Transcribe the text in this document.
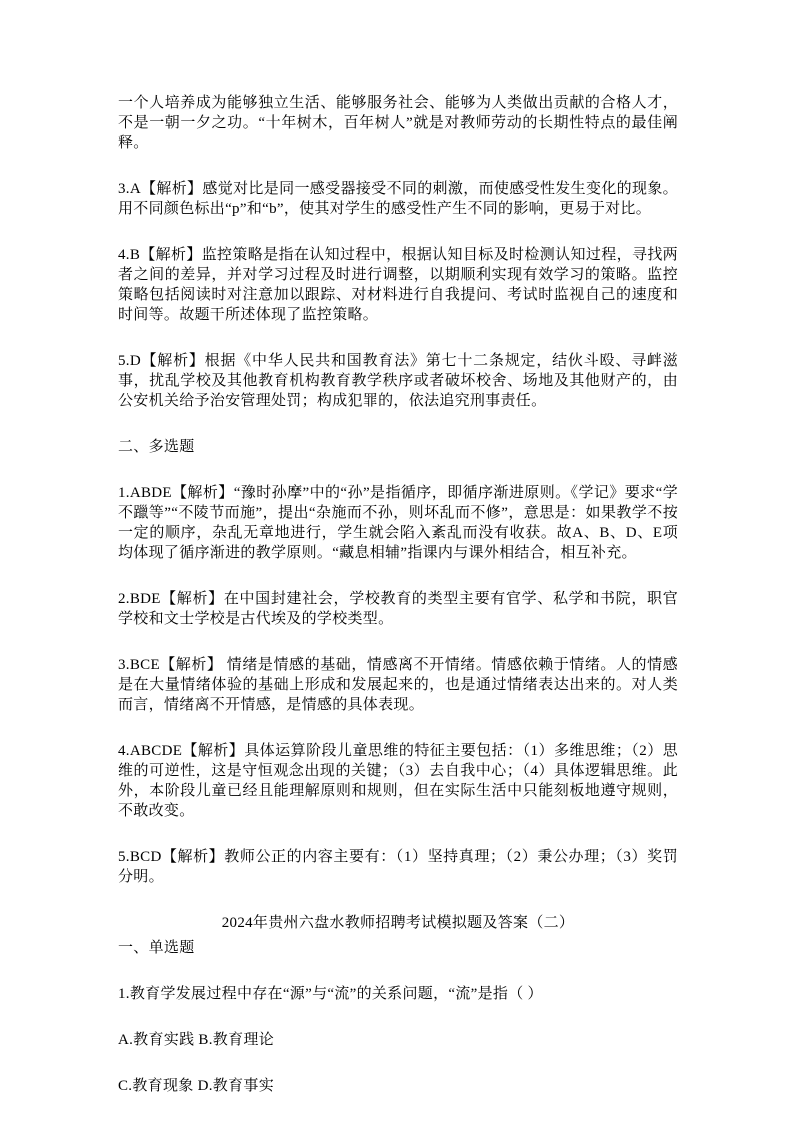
一个人培养成为能够独立生活、能够服务社会、能够为人类做出贡献的合格人才，不是一朝一夕之功。“十年树木，百年树人”就是对教师劳动的长期性特点的最佳阐释。

3.A【解析】感觉对比是同一感受器接受不同的刺激，而使感受性发生变化的现象。用不同颜色标出“p”和“b”，使其对学生的感受性产生不同的影响，更易于对比。

4.B【解析】监控策略是指在认知过程中，根据认知目标及时检测认知过程，寻找两者之间的差异，并对学习过程及时进行调整，以期顺利实现有效学习的策略。监控策略包括阅读时对注意加以跟踪、对材料进行自我提问、考试时监视自己的速度和时间等。故题干所述体现了监控策略。

5.D【解析】根据《中华人民共和国教育法》第七十二条规定，结伙斗殴、寻衅滋事，扰乱学校及其他教育机构教育教学秩序或者破坏校舍、场地及其他财产的，由公安机关给予治安管理处罚；构成犯罪的，依法追究刑事责任。

二、多选题

1.ABDE【解析】“豫时孙摩”中的“孙”是指循序，即循序渐进原则。《学记》要求“学不躐等”“不陵节而施”，提出“杂施而不孙，则坏乱而不修”，意思是：如果教学不按一定的顺序，杂乱无章地进行，学生就会陷入紊乱而没有收获。故A、B、D、E项均体现了循序渐进的教学原则。“藏息相辅”指课内与课外相结合，相互补充。

2.BDE【解析】在中国封建社会，学校教育的类型主要有官学、私学和书院，职官学校和文士学校是古代埃及的学校类型。

3.BCE【解析】 情绪是情感的基础，情感离不开情绪。情感依赖于情绪。人的情感是在大量情绪体验的基础上形成和发展起来的，也是通过情绪表达出来的。对人类而言，情绪离不开情感，是情感的具体表现。

4.ABCDE【解析】具体运算阶段儿童思维的特征主要包括：（1）多维思维；（2）思维的可逆性，这是守恒观念出现的关键；（3）去自我中心；（4）具体逻辑思维。此外，本阶段儿童已经且能理解原则和规则，但在实际生活中只能刻板地遵守规则，不敢改变。

5.BCD【解析】教师公正的内容主要有：（1）坚持真理；（2）秉公办理；（3）奖罚分明。

2024年贵州六盘水教师招聘考试模拟题及答案（二）

一、单选题

1.教育学发展过程中存在“源”与“流”的关系问题，“流”是指（ ）

A.教育实践 B.教育理论

C.教育现象 D.教育事实
